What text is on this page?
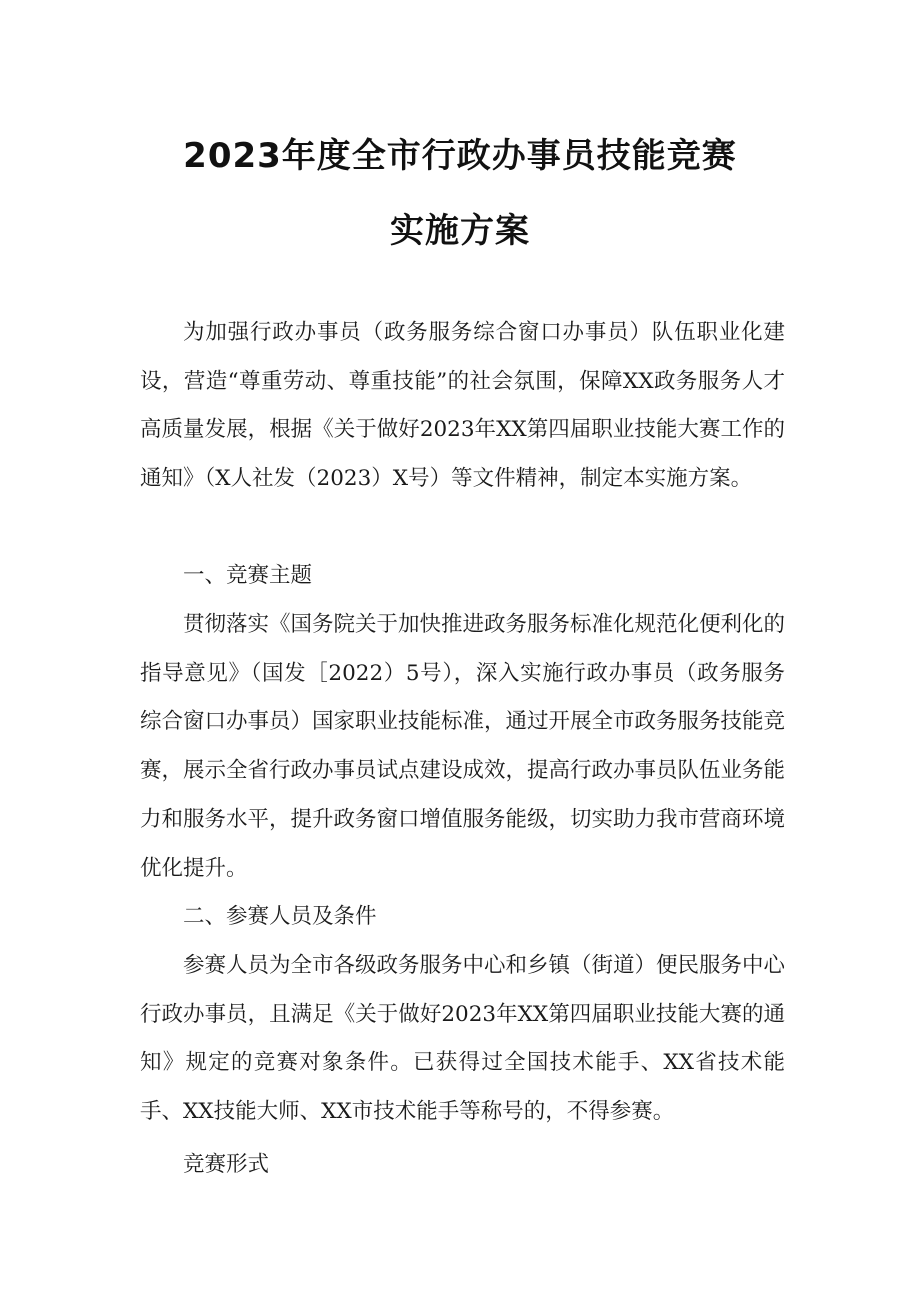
2023年度全市行政办事员技能竞赛
实施方案

为加强行政办事员（政务服务综合窗口办事员）队伍职业化建设，营造“尊重劳动、尊重技能”的社会氛围，保障XX政务服务人才高质量发展，根据《关于做好2023年XX第四届职业技能大赛工作的通知》（X人社发（2023）X号）等文件精神，制定本实施方案。

一、竞赛主题

贯彻落实《国务院关于加快推进政务服务标准化规范化便利化的指导意见》（国发［2022）5号），深入实施行政办事员（政务服务综合窗口办事员）国家职业技能标准，通过开展全市政务服务技能竞赛，展示全省行政办事员试点建设成效，提高行政办事员队伍业务能力和服务水平，提升政务窗口增值服务能级，切实助力我市营商环境优化提升。

二、参赛人员及条件

参赛人员为全市各级政务服务中心和乡镇（街道）便民服务中心行政办事员，且满足《关于做好2023年XX第四届职业技能大赛的通知》规定的竞赛对象条件。已获得过全国技术能手、XX省技术能手、XX技能大师、XX市技术能手等称号的，不得参赛。

竞赛形式
